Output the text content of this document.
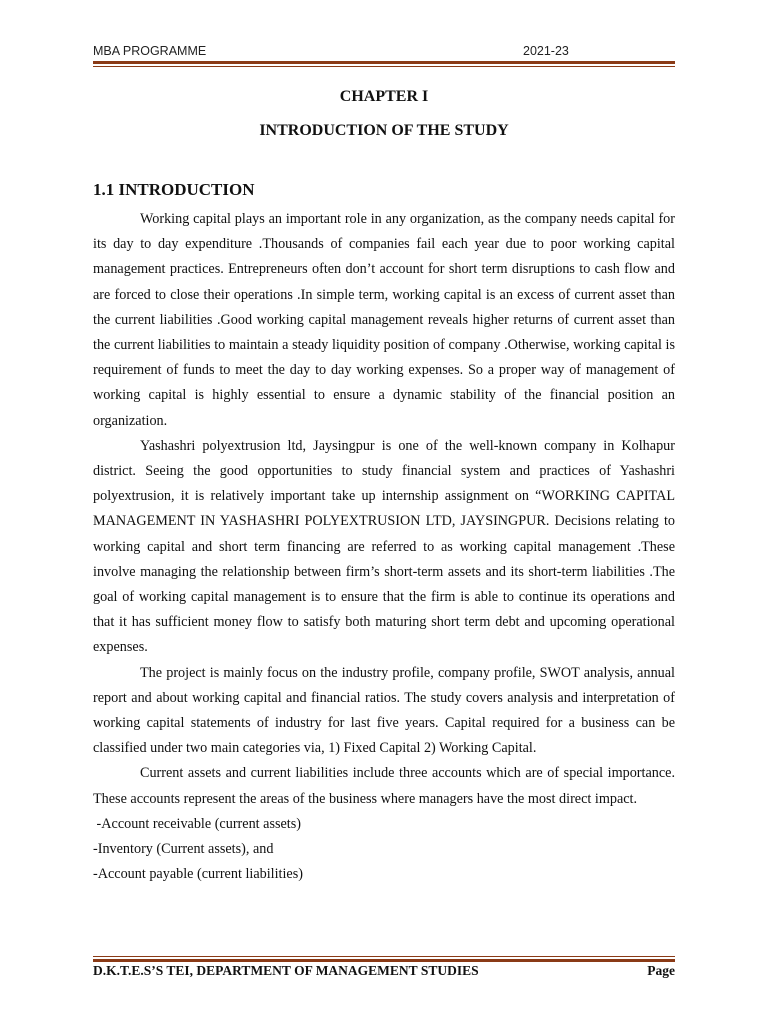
MBA PROGRAMME	2021-23
CHAPTER I
INTRODUCTION OF THE STUDY
1.1 INTRODUCTION

Working capital plays an important role in any organization, as the company needs capital for its day to day expenditure .Thousands of companies fail each year due to poor working capital management practices. Entrepreneurs often don’t account for short term disruptions to cash flow and are forced to close their operations .In simple term, working capital is an excess of current asset than the current liabilities .Good working capital management reveals higher returns of current asset than the current liabilities to maintain a steady liquidity position of company .Otherwise, working capital is requirement of funds to meet the day to day working expenses. So a proper way of management of working capital is highly essential to ensure a dynamic stability of the financial position an organization.

Yashashri polyextrusion ltd, Jaysingpur is one of the well-known company in Kolhapur district. Seeing the good opportunities to study financial system and practices of Yashashri polyextrusion, it is relatively important take up internship assignment on “WORKING CAPITAL MANAGEMENT IN YASHASHRI POLYEXTRUSION LTD, JAYSINGPUR. Decisions relating to working capital and short term financing are referred to as working capital management .These involve managing the relationship between firm’s short-term assets and its short-term liabilities .The goal of working capital management is to ensure that the firm is able to continue its operations and that it has sufficient money flow to satisfy both maturing short term debt and upcoming operational expenses.

The project is mainly focus on the industry profile, company profile, SWOT analysis, annual report and about working capital and financial ratios. The study covers analysis and interpretation of working capital statements of industry for last five years. Capital required for a business can be classified under two main categories via, 1) Fixed Capital 2) Working Capital.

Current assets and current liabilities include three accounts which are of special importance. These accounts represent the areas of the business where managers have the most direct impact.

-Account receivable (current assets)

-Inventory (Current assets), and

-Account payable (current liabilities)

D.K.T.E.S’S TEI, DEPARTMENT OF MANAGEMENT STUDIES	Page
